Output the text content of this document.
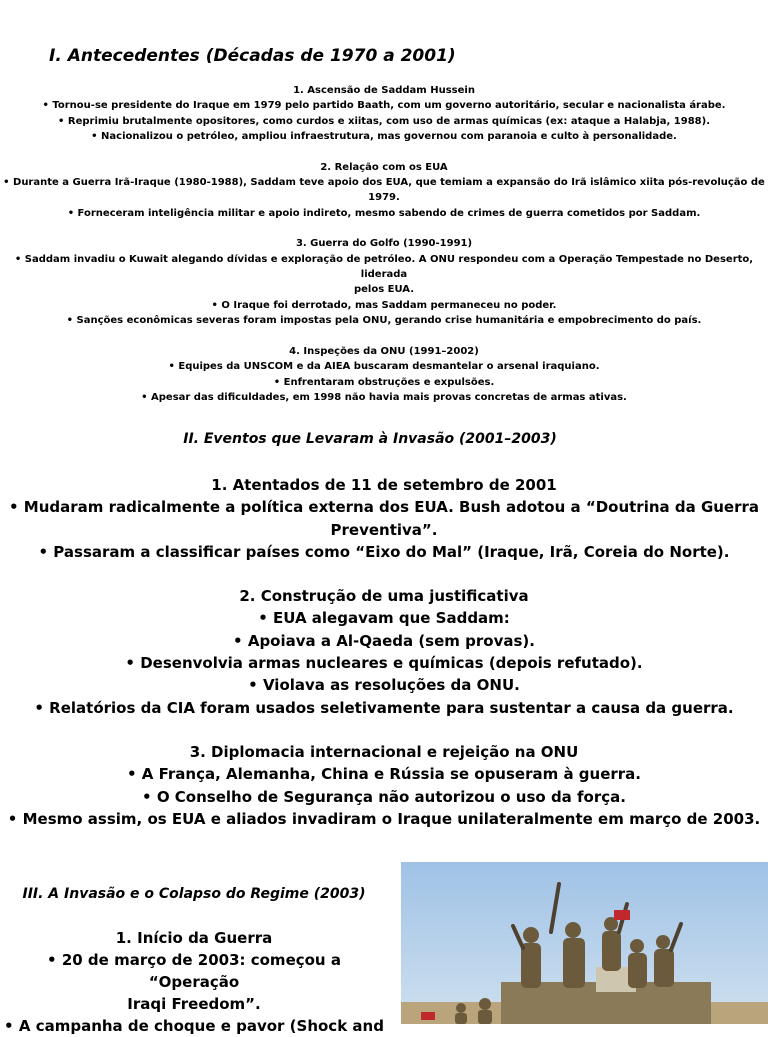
I. Antecedentes (Décadas de 1970 a 2001)
1. Ascensão de Saddam Hussein
• Tornou-se presidente do Iraque em 1979 pelo partido Baath, com um governo autoritário, secular e nacionalista árabe.
• Reprimiu brutalmente opositores, como curdos e xiitas, com uso de armas químicas (ex: ataque a Halabja, 1988).
• Nacionalizou o petróleo, ampliou infraestrutura, mas governou com paranoia e culto à personalidade.
2. Relação com os EUA
• Durante a Guerra Irã-Iraque (1980-1988), Saddam teve apoio dos EUA, que temiam a expansão do Irã islâmico xiita pós-revolução de 1979.
• Forneceram inteligência militar e apoio indireto, mesmo sabendo de crimes de guerra cometidos por Saddam.
3. Guerra do Golfo (1990-1991)
• Saddam invadiu o Kuwait alegando dívidas e exploração de petróleo. A ONU respondeu com a Operação Tempestade no Deserto, liderada
pelos EUA.
• O Iraque foi derrotado, mas Saddam permaneceu no poder.
• Sanções econômicas severas foram impostas pela ONU, gerando crise humanitária e empobrecimento do país.
4. Inspeções da ONU (1991–2002)
• Equipes da UNSCOM e da AIEA buscaram desmantelar o arsenal iraquiano.
• Enfrentaram obstruções e expulsões.
• Apesar das dificuldades, em 1998 não havia mais provas concretas de armas ativas.
II. Eventos que Levaram à Invasão (2001–2003)
1. Atentados de 11 de setembro de 2001
• Mudaram radicalmente a política externa dos EUA. Bush adotou a “Doutrina da Guerra
Preventiva”.
• Passaram a classificar países como “Eixo do Mal” (Iraque, Irã, Coreia do Norte).
2. Construção de uma justificativa
• EUA alegavam que Saddam:
• Apoiava a Al-Qaeda (sem provas).
• Desenvolvia armas nucleares e químicas (depois refutado).
• Violava as resoluções da ONU.
• Relatórios da CIA foram usados seletivamente para sustentar a causa da guerra.
3. Diplomacia internacional e rejeição na ONU
• A França, Alemanha, China e Rússia se opuseram à guerra.
• O Conselho de Segurança não autorizou o uso da força.
• Mesmo assim, os EUA e aliados invadiram o Iraque unilateralmente em março de 2003.
III. A Invasão e o Colapso do Regime (2003)
1. Início da Guerra
• 20 de março de 2003: começou a “Operação
Iraqi Freedom”.
• A campanha de choque e pavor (Shock and
